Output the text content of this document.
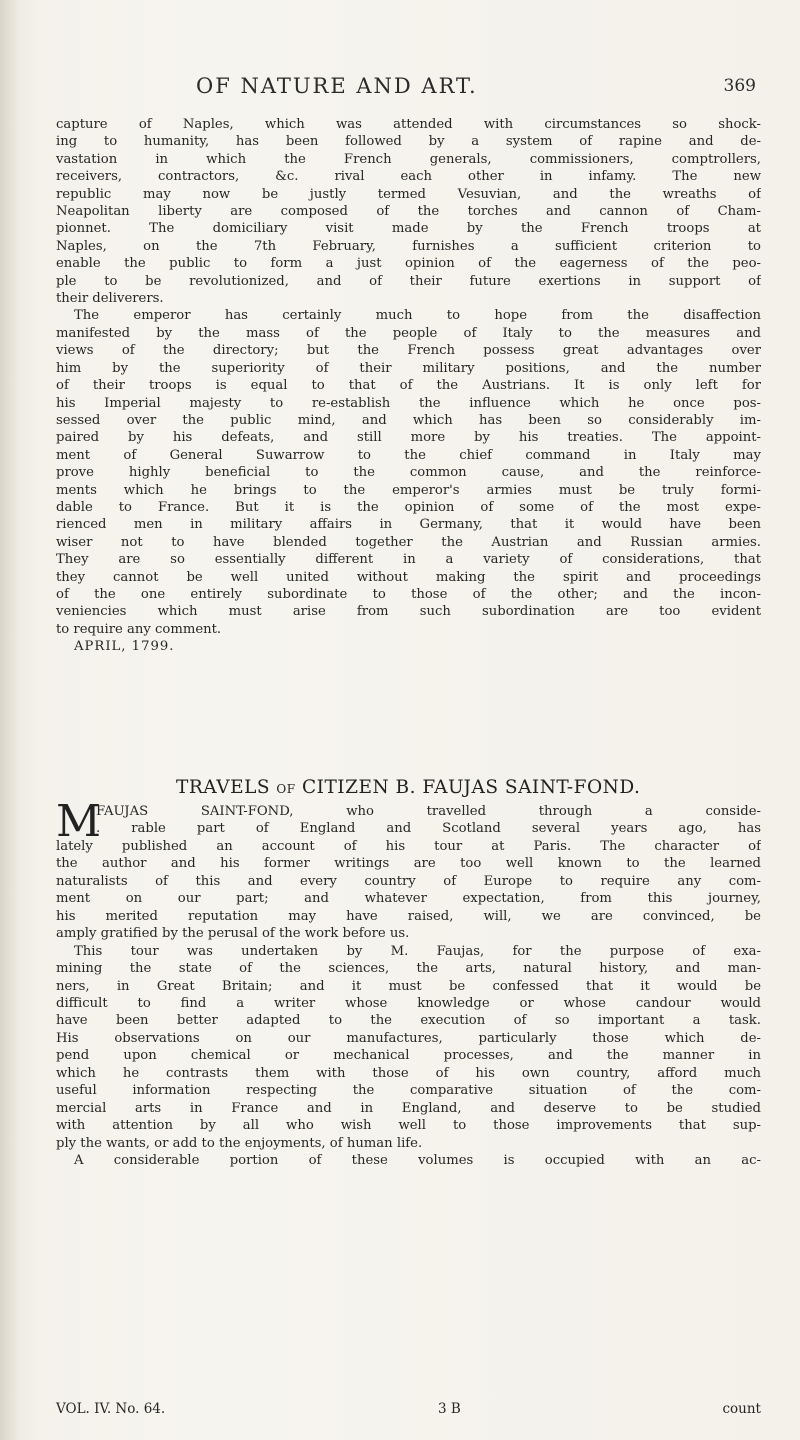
OF NATURE AND ART.	369
capture of Naples, which was attended with circumstances so shock-
ing to humanity, has been followed by a system of rapine and de-
vastation in which the French generals, commissioners, comptrollers,
receivers, contractors, &c. rival each other in infamy. The new
republic may now be justly termed Vesuvian, and the wreaths of
Neapolitan liberty are composed of the torches and cannon of Cham-
pionnet. The domiciliary visit made by the French troops at
Naples, on the 7th February, furnishes a sufficient criterion to
enable the public to form a just opinion of the eagerness of the peo-
ple to be revolutionized, and of their future exertions in support of
their deliverers.
The emperor has certainly much to hope from the disaffection
manifested by the mass of the people of Italy to the measures and
views of the directory; but the French possess great advantages over
him by the superiority of their military positions, and the number
of their troops is equal to that of the Austrians. It is only left for
his Imperial majesty to re-establish the influence which he once pos-
sessed over the public mind, and which has been so considerably im-
paired by his defeats, and still more by his treaties. The appoint-
ment of General Suwarrow to the chief command in Italy may
prove highly beneficial to the common cause, and the reinforce-
ments which he brings to the emperor's armies must be truly formi-
dable to France. But it is the opinion of some of the most expe-
rienced men in military affairs in Germany, that it would have been
wiser not to have blended together the Austrian and Russian armies.
They are so essentially different in a variety of considerations, that
they cannot be well united without making the spirit and proceedings
of the one entirely subordinate to those of the other; and the incon-
veniencies which must arise from such subordination are too evident
to require any comment.
APRIL, 1799.
TRAVELS OF CITIZEN B. FAUJAS SAINT-FOND.
M
FAUJAS SAINT-FOND, who travelled through a conside-
. rable part of England and Scotland several years ago, has
lately published an account of his tour at Paris. The character of
the author and his former writings are too well known to the learned
naturalists of this and every country of Europe to require any com-
ment on our part; and whatever expectation, from this journey,
his merited reputation may have raised, will, we are convinced, be
amply gratified by the perusal of the work before us.
This tour was undertaken by M. Faujas, for the purpose of exa-
mining the state of the sciences, the arts, natural history, and man-
ners, in Great Britain; and it must be confessed that it would be
difficult to find a writer whose knowledge or whose candour would
have been better adapted to the execution of so important a task.
His observations on our manufactures, particularly those which de-
pend upon chemical or mechanical processes, and the manner in
which he contrasts them with those of his own country, afford much
useful information respecting the comparative situation of the com-
mercial arts in France and in England, and deserve to be studied
with attention by all who wish well to those improvements that sup-
ply the wants, or add to the enjoyments, of human life.
A considerable portion of these volumes is occupied with an ac-
VOL. IV. No. 64.	3 B	count
